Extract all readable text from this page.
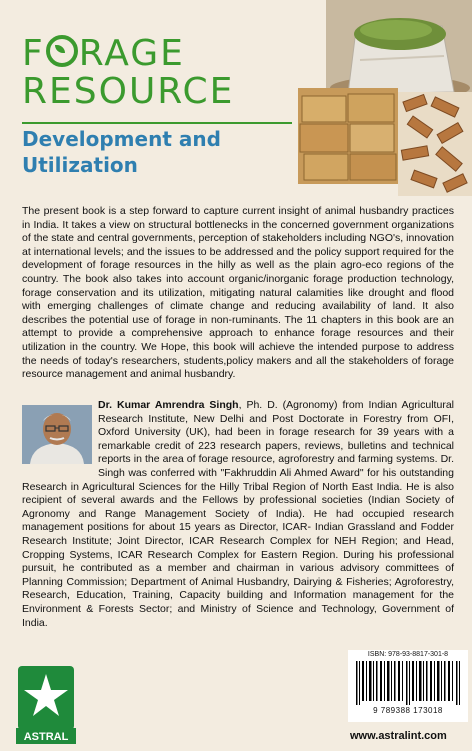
F RAGE
RESOURCE
Development and
Utilization
The present book is a step forward to capture current insight of animal husbandry practices in India. It takes a view on structural bottlenecks in the concerned government organizations of the state and central governments, perception of stakeholders including NGO's, innovation at international levels; and the issues to be addressed and the policy support required for the development of forage resources in the hilly as well as the plain agro-eco regions of the country. The book also takes into account organic/inorganic forage production technology, forage conservation and its utilization, mitigating natural calamities like drought and flood with emerging challenges of climate change and reducing availability of land. It also describes the potential use of forage in non-ruminants. The 11 chapters in this book are an attempt to provide a comprehensive approach to enhance forage resources and their utilization in the country. We Hope, this book will achieve the intended purpose to address the needs of today's researchers, students,policy makers and all the stakeholders of forage resource management and animal husbandry.
Dr. Kumar Amrendra Singh, Ph. D. (Agronomy) from Indian Agricultural Research Institute, New Delhi and Post Doctorate in Forestry from OFI, Oxford University (UK), had been in forage research for 39 years with a remarkable credit of 223 research papers, reviews, bulletins and technical reports in the area of forage resource, agroforestry and farming systems. Dr. Singh was conferred with "Fakhruddin Ali Ahmed Award" for his outstanding Research in Agricultural Sciences for the Hilly Tribal Region of North East India. He is also recipient of several awards and the Fellows by professional societies (Indian Society of Agronomy and Range Management Society of India). He had occupied research management positions for about 15 years as Director, ICAR- Indian Grassland and Fodder Research Institute; Joint Director, ICAR Research Complex for NEH Region; and Head, Cropping Systems, ICAR Research Complex for Eastern Region. During his professional pursuit, he contributed as a member and chairman in various advisory committees of Planning Commission; Department of Animal Husbandry, Dairying & Fisheries; Agroforestry, Research, Education, Training, Capacity building and Information management for the Environment & Forests Sector; and Ministry of Science and Technology, Government of India.
ASTRAL
ISBN: 978-93-8817-301-8
9 789388 173018
www.astralint.com
